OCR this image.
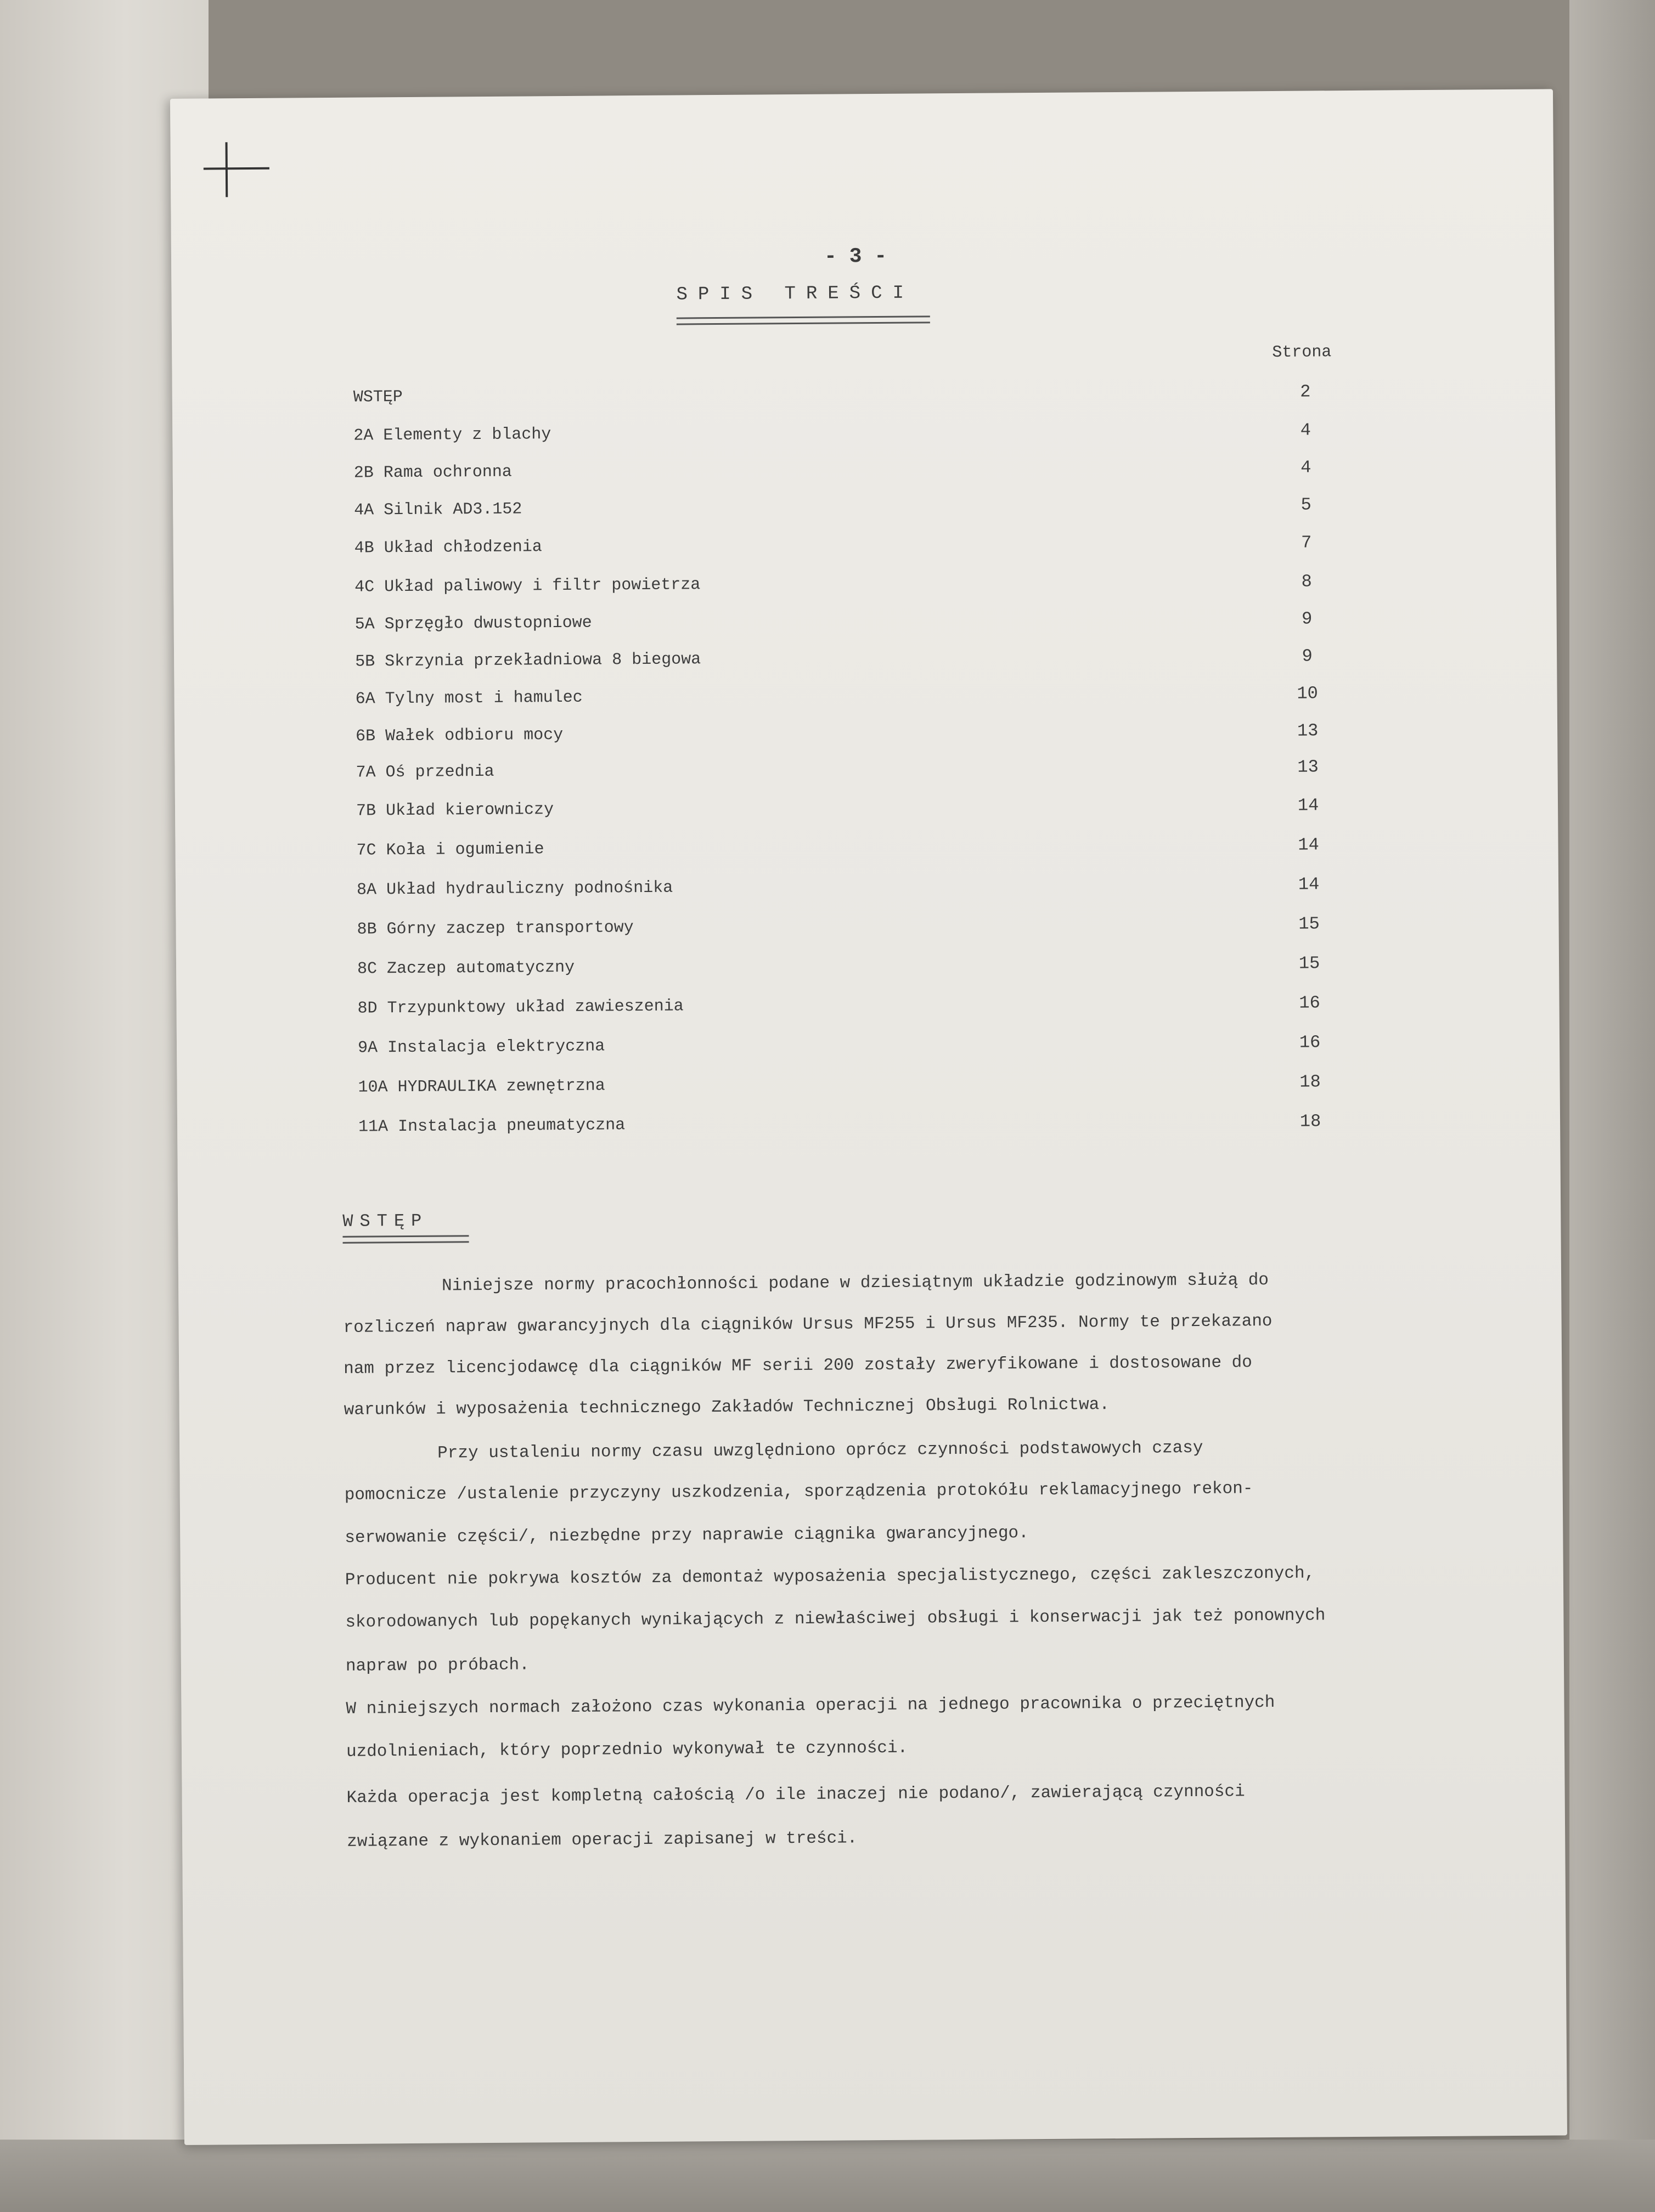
- 3 -
SPIS TREŚCI
Strona
WSTĘP	2
2A Elementy z blachy	4
2B Rama ochronna	4
4A Silnik AD3.152	5
4B Układ chłodzenia	7
4C Układ paliwowy i filtr powietrza	8
5A Sprzęgło dwustopniowe	9
5B Skrzynia przekładniowa 8 biegowa	9
6A Tylny most i hamulec	10
6B Wałek odbioru mocy	13
7A Oś przednia	13
7B Układ kierowniczy	14
7C Koła i ogumienie	14
8A Układ hydrauliczny podnośnika	14
8B Górny zaczep transportowy	15
8C Zaczep automatyczny	15
8D Trzypunktowy układ zawieszenia	16
9A Instalacja elektryczna	16
10A HYDRAULIKA zewnętrzna	18
11A Instalacja pneumatyczna	18
WSTĘP
Niniejsze normy pracochłonności podane w dziesiątnym układzie godzinowym służą do
rozliczeń napraw gwarancyjnych dla ciągników Ursus MF255 i Ursus MF235. Normy te przekazano
nam przez licencjodawcę dla ciągników MF serii 200 zostały zweryfikowane i dostosowane do
warunków i wyposażenia technicznego Zakładów Technicznej Obsługi Rolnictwa.
Przy ustaleniu normy czasu uwzględniono oprócz czynności podstawowych czasy
pomocnicze /ustalenie przyczyny uszkodzenia, sporządzenia protokółu reklamacyjnego rekon-
serwowanie części/, niezbędne przy naprawie ciągnika gwarancyjnego.
Producent nie pokrywa kosztów za demontaż wyposażenia specjalistycznego, części zakleszczonych,
skorodowanych lub popękanych wynikających z niewłaściwej obsługi i konserwacji jak też ponownych
napraw po próbach.
W niniejszych normach założono czas wykonania operacji na jednego pracownika o przeciętnych
uzdolnieniach, który poprzednio wykonywał te czynności.
Każda operacja jest kompletną całością /o ile inaczej nie podano/, zawierającą czynności
związane z wykonaniem operacji zapisanej w treści.
